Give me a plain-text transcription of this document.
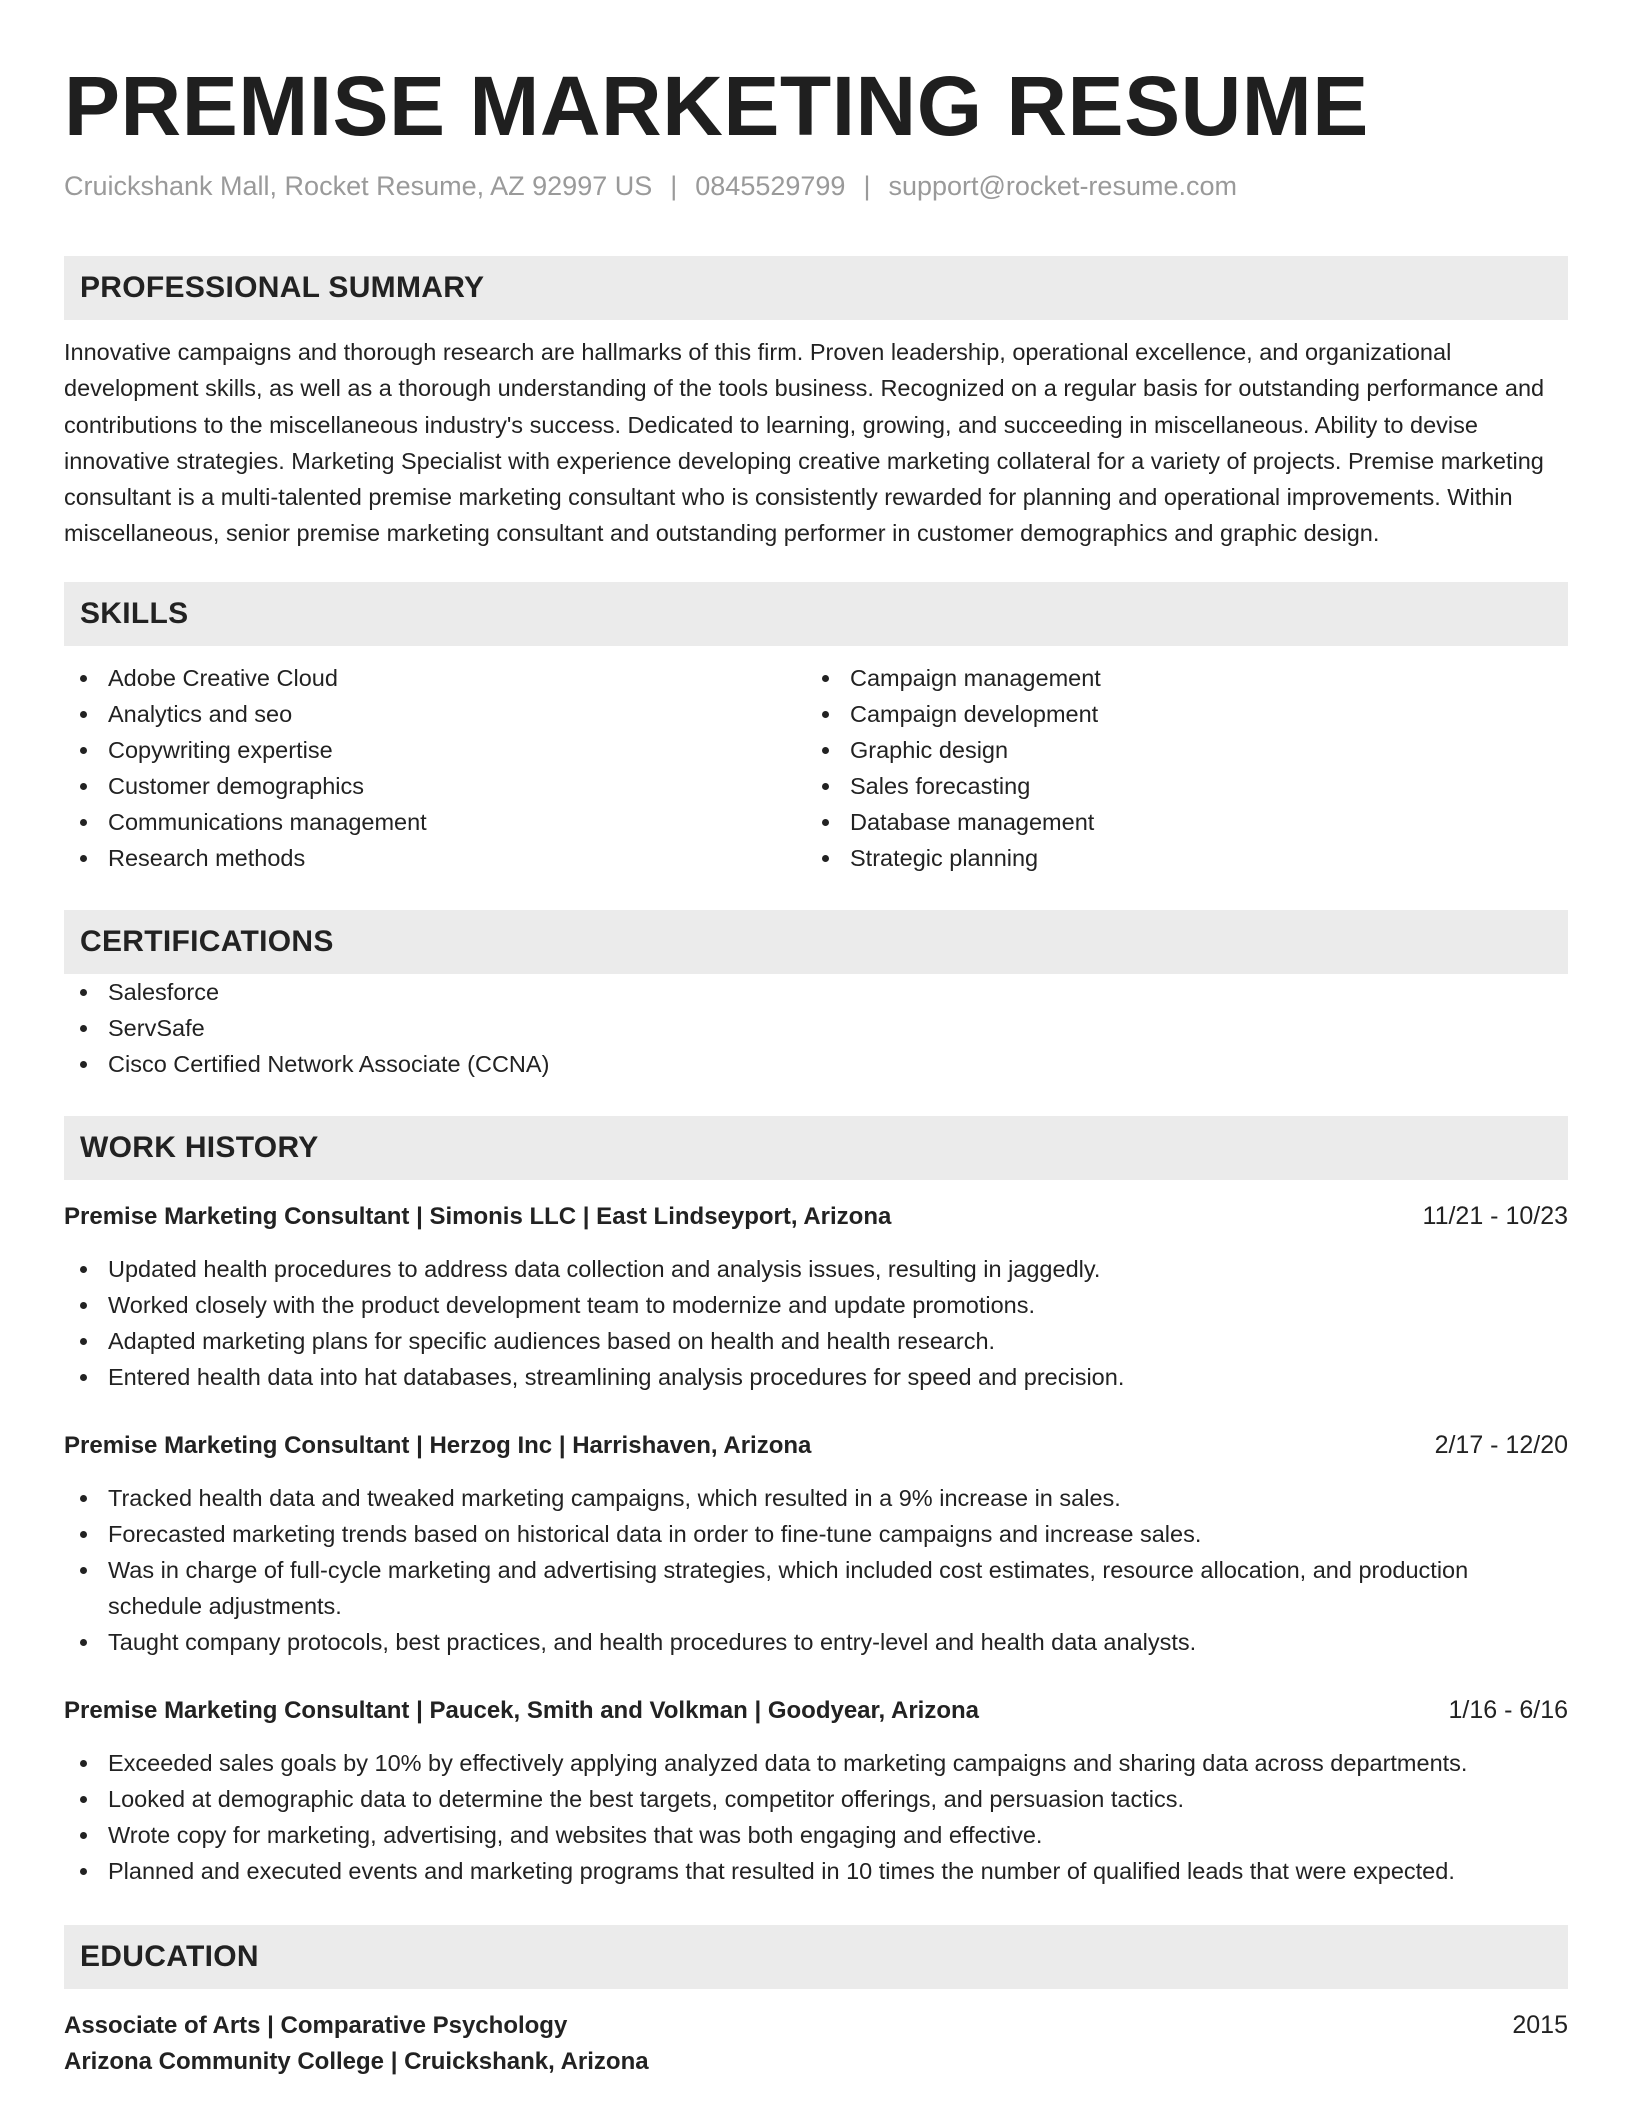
PREMISE MARKETING RESUME
Cruickshank Mall, Rocket Resume, AZ 92997 US | 0845529799 | support@rocket-resume.com
PROFESSIONAL SUMMARY
Innovative campaigns and thorough research are hallmarks of this firm. Proven leadership, operational excellence, and organizational development skills, as well as a thorough understanding of the tools business. Recognized on a regular basis for outstanding performance and contributions to the miscellaneous industry's success. Dedicated to learning, growing, and succeeding in miscellaneous. Ability to devise innovative strategies. Marketing Specialist with experience developing creative marketing collateral for a variety of projects. Premise marketing consultant is a multi-talented premise marketing consultant who is consistently rewarded for planning and operational improvements. Within miscellaneous, senior premise marketing consultant and outstanding performer in customer demographics and graphic design.
SKILLS
Adobe Creative Cloud
Analytics and seo
Copywriting expertise
Customer demographics
Communications management
Research methods
Campaign management
Campaign development
Graphic design
Sales forecasting
Database management
Strategic planning
CERTIFICATIONS
Salesforce
ServSafe
Cisco Certified Network Associate (CCNA)
WORK HISTORY
Premise Marketing Consultant | Simonis LLC | East Lindseyport, Arizona	11/21 - 10/23
Updated health procedures to address data collection and analysis issues, resulting in jaggedly.
Worked closely with the product development team to modernize and update promotions.
Adapted marketing plans for specific audiences based on health and health research.
Entered health data into hat databases, streamlining analysis procedures for speed and precision.
Premise Marketing Consultant | Herzog Inc | Harrishaven, Arizona	2/17 - 12/20
Tracked health data and tweaked marketing campaigns, which resulted in a 9% increase in sales.
Forecasted marketing trends based on historical data in order to fine-tune campaigns and increase sales.
Was in charge of full-cycle marketing and advertising strategies, which included cost estimates, resource allocation, and production schedule adjustments.
Taught company protocols, best practices, and health procedures to entry-level and health data analysts.
Premise Marketing Consultant | Paucek, Smith and Volkman | Goodyear, Arizona	1/16 - 6/16
Exceeded sales goals by 10% by effectively applying analyzed data to marketing campaigns and sharing data across departments.
Looked at demographic data to determine the best targets, competitor offerings, and persuasion tactics.
Wrote copy for marketing, advertising, and websites that was both engaging and effective.
Planned and executed events and marketing programs that resulted in 10 times the number of qualified leads that were expected.
EDUCATION
Associate of Arts | Comparative Psychology	2015
Arizona Community College | Cruickshank, Arizona
